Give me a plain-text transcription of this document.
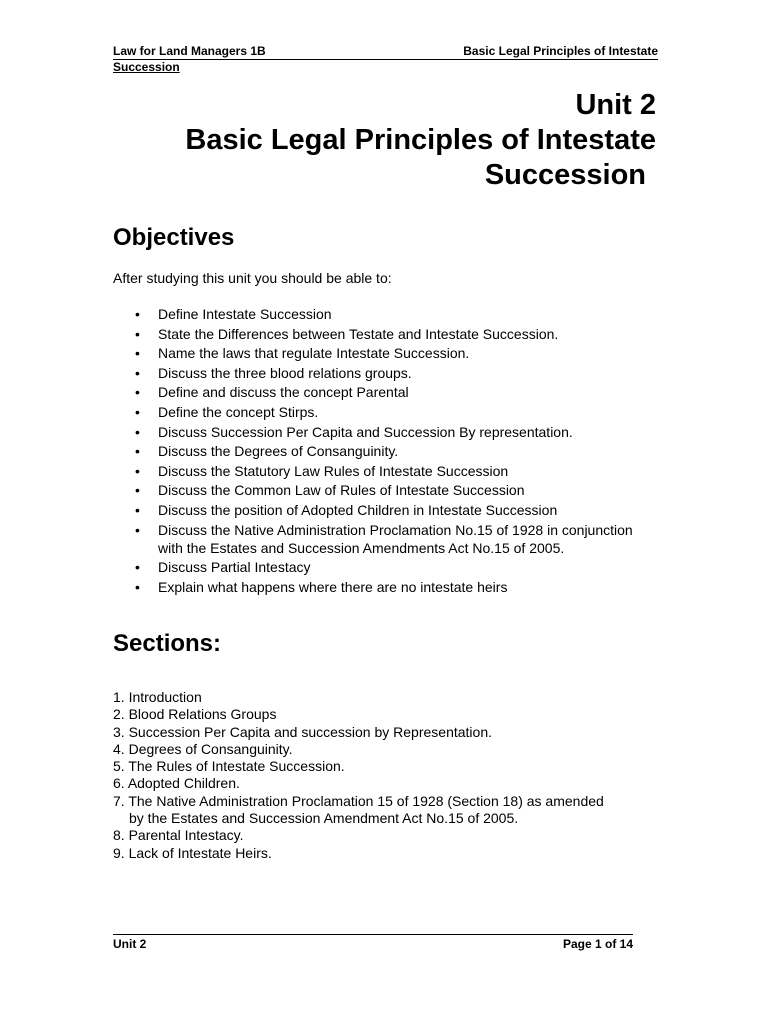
Law for Land Managers 1B	Basic Legal Principles of Intestate
Succession
Unit 2
Basic Legal Principles of Intestate
Succession
Objectives
After studying this unit you should be able to:
• Define Intestate Succession
• State the Differences between Testate and Intestate Succession.
• Name the laws that regulate Intestate Succession.
• Discuss the three blood relations groups.
• Define and discuss the concept Parental
• Define the concept Stirps.
• Discuss Succession Per Capita and Succession By representation.
• Discuss the Degrees of Consanguinity.
• Discuss the Statutory Law Rules of Intestate Succession
• Discuss the Common Law of Rules of Intestate Succession
• Discuss the position of Adopted Children in Intestate Succession
• Discuss the Native Administration Proclamation No.15 of 1928 in conjunction with the Estates and Succession Amendments Act No.15 of 2005.
• Discuss Partial Intestacy
• Explain what happens where there are no intestate heirs
Sections:
1. Introduction
2. Blood Relations Groups
3. Succession Per Capita and succession by Representation.
4. Degrees of Consanguinity.
5. The Rules of Intestate Succession.
6. Adopted Children.
7. The Native Administration Proclamation 15 of 1928 (Section 18) as amended
by the Estates and Succession Amendment Act No.15 of 2005.
8. Parental Intestacy.
9. Lack of Intestate Heirs.
Unit 2	Page 1 of 14
